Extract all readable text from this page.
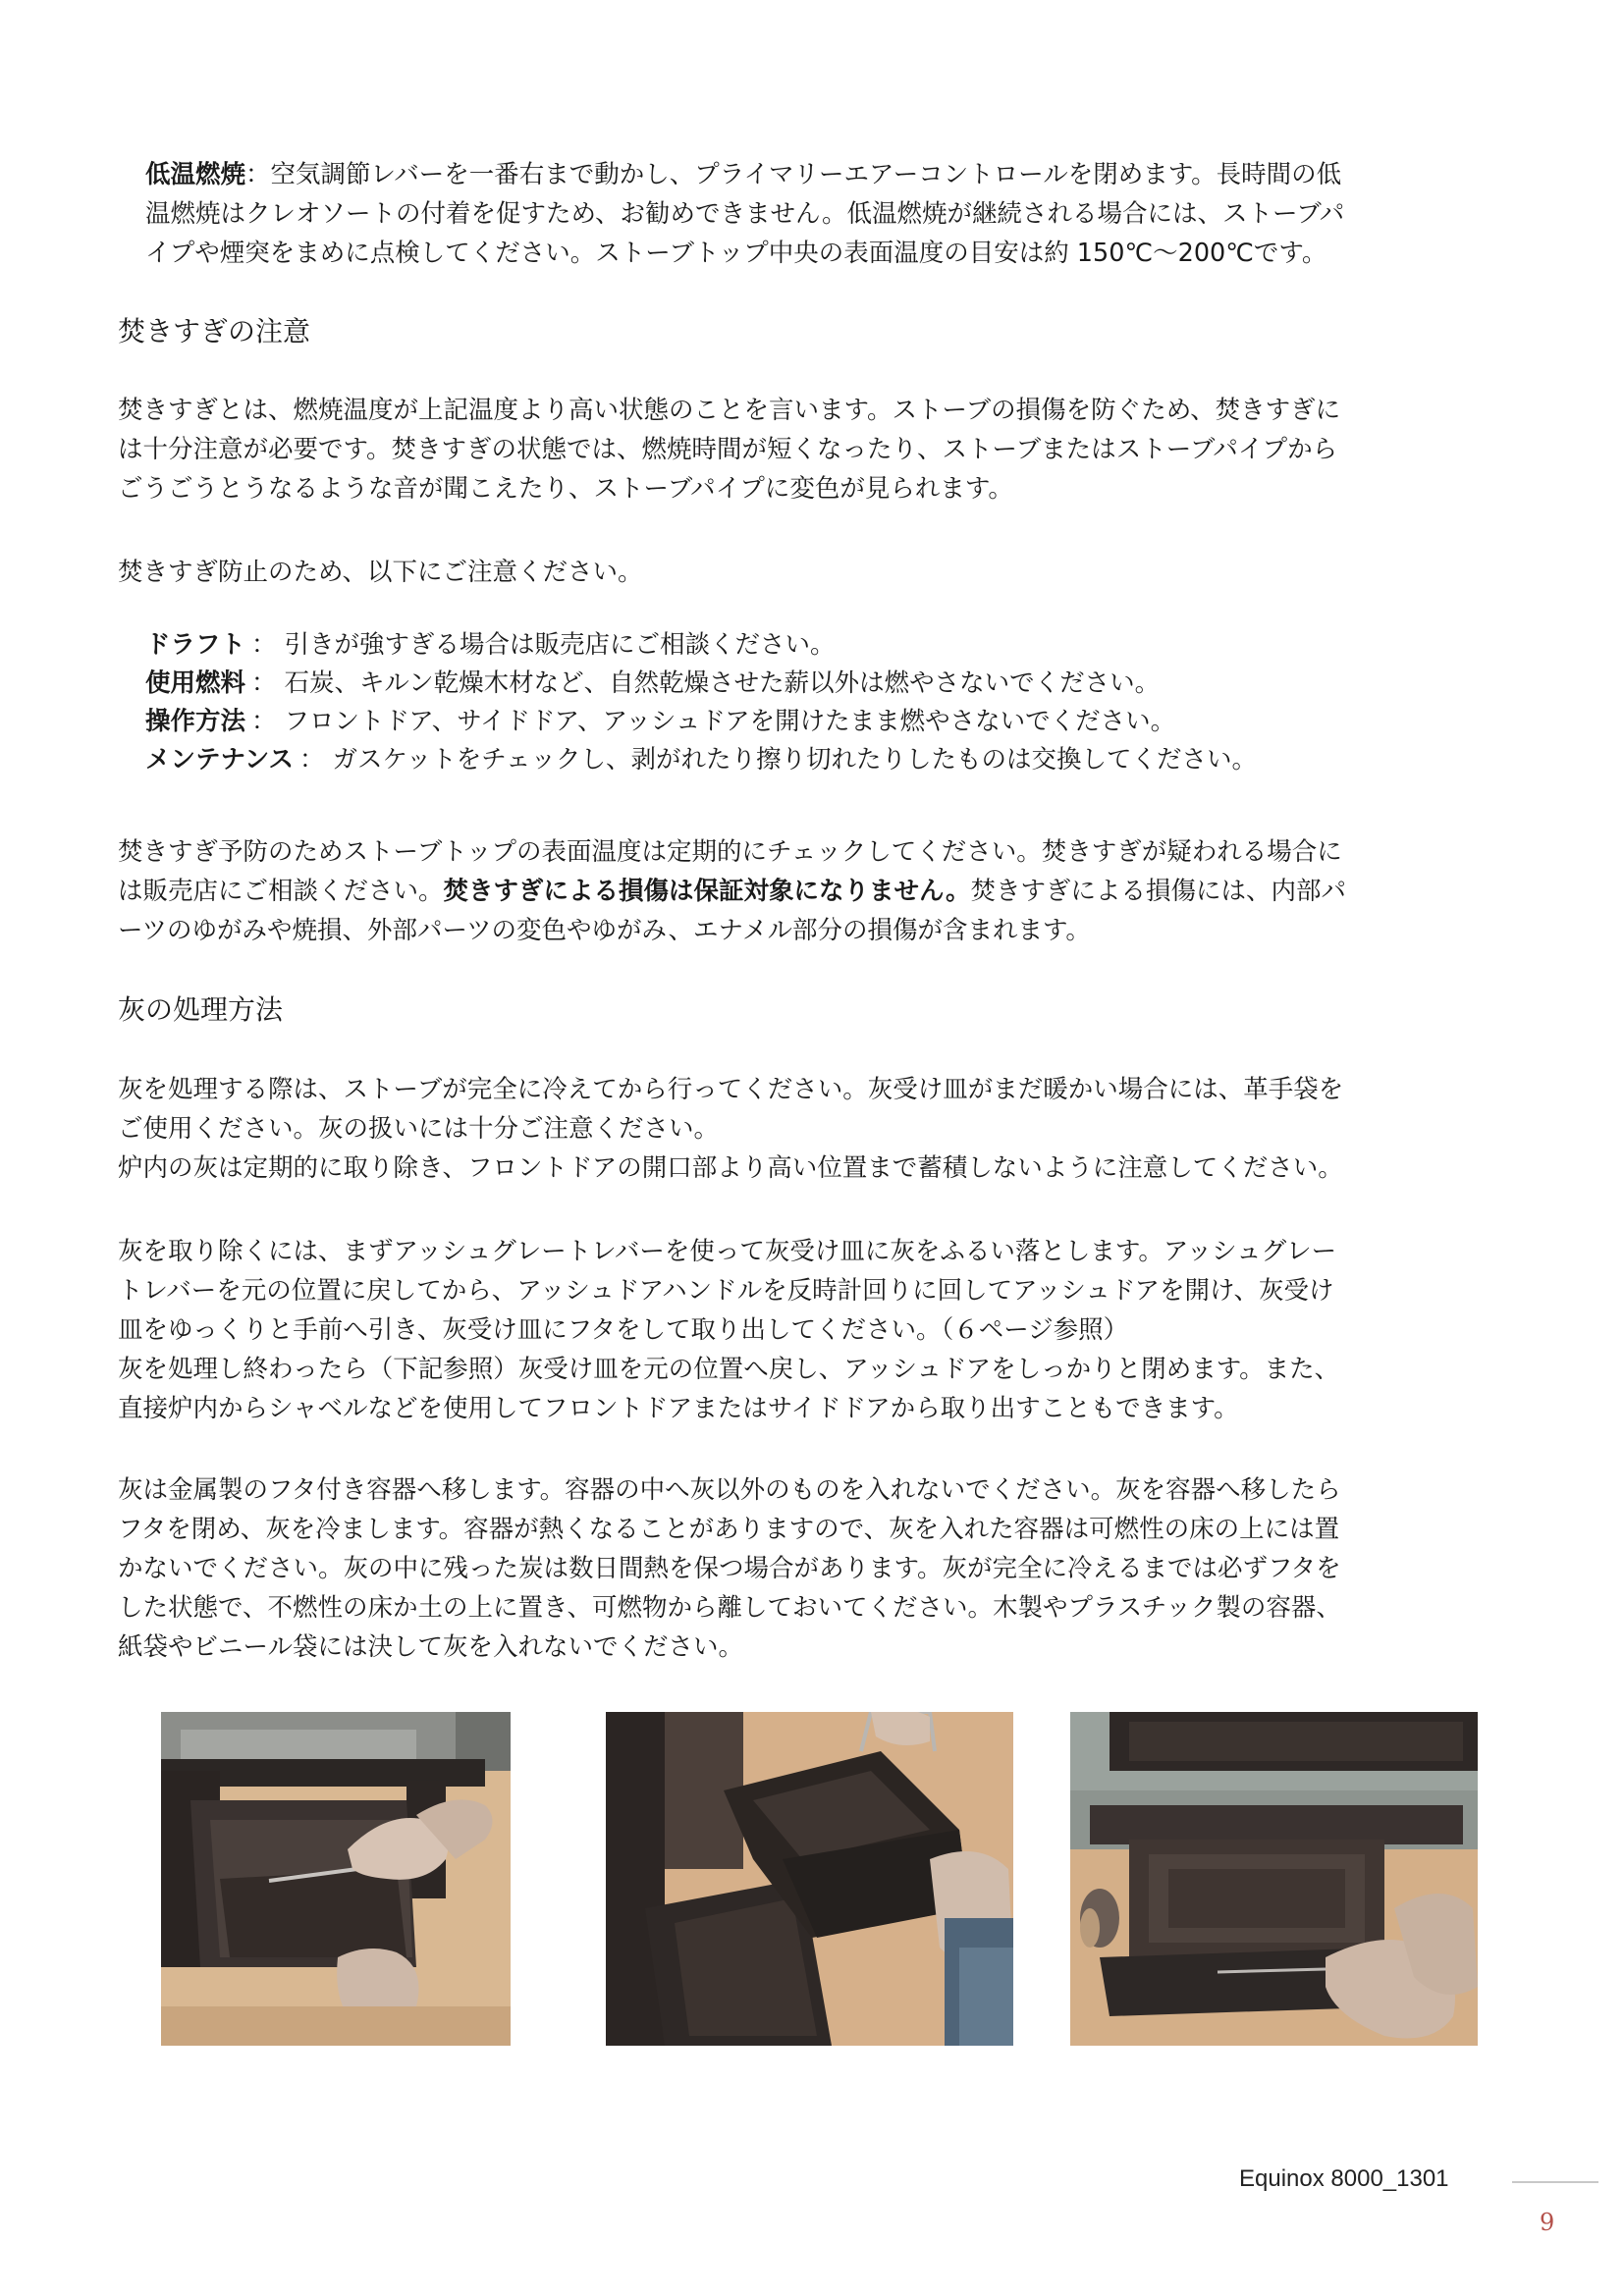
低温燃焼：空気調節レバーを一番右まで動かし、プライマリーエアーコントロールを閉めます。長時間の低
温燃焼はクレオソートの付着を促すため、お勧めできません。低温燃焼が継続される場合には、ストーブパ
イプや煙突をまめに点検してください。ストーブトップ中央の表面温度の目安は約 150℃～200℃です。
焚きすぎの注意
焚きすぎとは、燃焼温度が上記温度より高い状態のことを言います。ストーブの損傷を防ぐため、焚きすぎに
は十分注意が必要です。焚きすぎの状態では、燃焼時間が短くなったり、ストーブまたはストーブパイプから
ごうごうとうなるような音が聞こえたり、ストーブパイプに変色が見られます。
焚きすぎ防止のため、以下にご注意ください。
ドラフト ： 引きが強すぎる場合は販売店にご相談ください。
使用燃料 ： 石炭、キルン乾燥木材など、自然乾燥させた薪以外は燃やさないでください。
操作方法 ： フロントドア、サイドドア、アッシュドアを開けたまま燃やさないでください。
メンテナンス ： ガスケットをチェックし、剥がれたり擦り切れたりしたものは交換してください。
焚きすぎ予防のためストーブトップの表面温度は定期的にチェックしてください。焚きすぎが疑われる場合に
は販売店にご相談ください。焚きすぎによる損傷は保証対象になりません。焚きすぎによる損傷には、内部パ
ーツのゆがみや焼損、外部パーツの変色やゆがみ、エナメル部分の損傷が含まれます。
灰の処理方法
灰を処理する際は、ストーブが完全に冷えてから行ってください。灰受け皿がまだ暖かい場合には、革手袋を
ご使用ください。灰の扱いには十分ご注意ください。
炉内の灰は定期的に取り除き、フロントドアの開口部より高い位置まで蓄積しないように注意してください。
灰を取り除くには、まずアッシュグレートレバーを使って灰受け皿に灰をふるい落とします。アッシュグレー
トレバーを元の位置に戻してから、アッシュドアハンドルを反時計回りに回してアッシュドアを開け、灰受け
皿をゆっくりと手前へ引き、灰受け皿にフタをして取り出してください。（６ページ参照）
灰を処理し終わったら（下記参照）灰受け皿を元の位置へ戻し、アッシュドアをしっかりと閉めます。また、
直接炉内からシャベルなどを使用してフロントドアまたはサイドドアから取り出すこともできます。
灰は金属製のフタ付き容器へ移します。容器の中へ灰以外のものを入れないでください。灰を容器へ移したら
フタを閉め、灰を冷まします。容器が熱くなることがありますので、灰を入れた容器は可燃性の床の上には置
かないでください。灰の中に残った炭は数日間熱を保つ場合があります。灰が完全に冷えるまでは必ずフタを
した状態で、不燃性の床か土の上に置き、可燃物から離しておいてください。木製やプラスチック製の容器、
紙袋やビニール袋には決して灰を入れないでください。
Equinox 8000_1301
9
